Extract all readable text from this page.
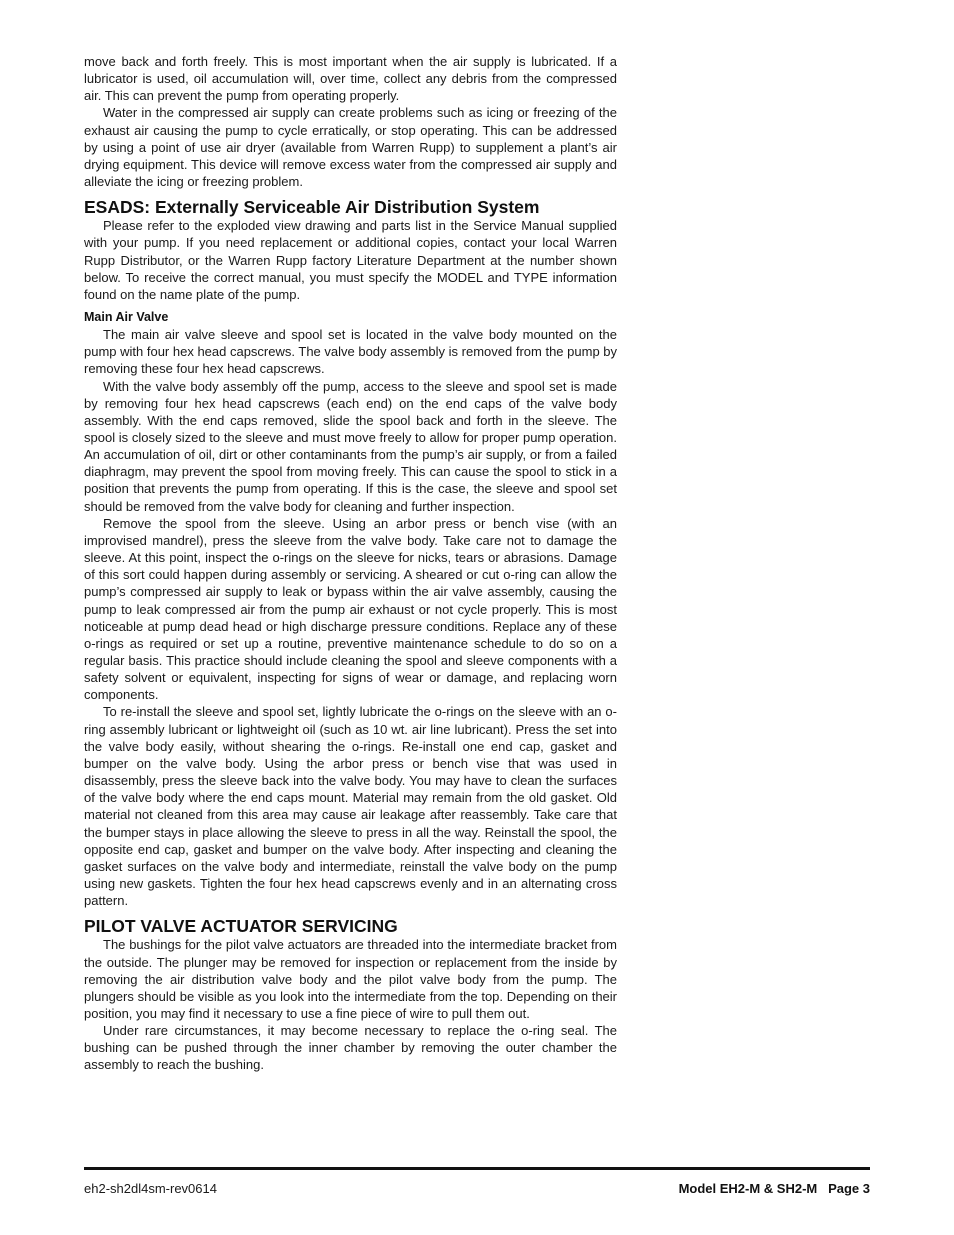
move back and forth freely. This is most important when the air supply is lubricated. If a lubricator is used, oil accumulation will, over time, collect any debris from the compressed air. This can prevent the pump from operating properly.

Water in the compressed air supply can create problems such as icing or freezing of the exhaust air causing the pump to cycle erratically, or stop operating. This can be addressed by using a point of use air dryer (available from Warren Rupp) to supplement a plant’s air drying equipment. This device will remove excess water from the compressed air supply and alleviate the icing or freezing problem.

ESADS: Externally Serviceable Air Distribution System

Please refer to the exploded view drawing and parts list in the Service Manual supplied with your pump. If you need replacement or additional copies, contact your local Warren Rupp Distributor, or the Warren Rupp factory Literature Department at the number shown below. To receive the correct manual, you must specify the MODEL and TYPE information found on the name plate of the pump.

Main Air Valve

The main air valve sleeve and spool set is located in the valve body mounted on the pump with four hex head capscrews. The valve body assembly is removed from the pump by removing these four hex head capscrews.

With the valve body assembly off the pump, access to the sleeve and spool set is made by removing four hex head capscrews (each end) on the end caps of the valve body assembly. With the end caps removed, slide the spool back and forth in the sleeve. The spool is closely sized to the sleeve and must move freely to allow for proper pump operation. An accumulation of oil, dirt or other contaminants from the pump’s air supply, or from a failed diaphragm, may prevent the spool from moving freely. This can cause the spool to stick in a position that prevents the pump from operating. If this is the case, the sleeve and spool set should be removed from the valve body for cleaning and further inspection.

Remove the spool from the sleeve. Using an arbor press or bench vise (with an improvised mandrel), press the sleeve from the valve body. Take care not to damage the sleeve. At this point, inspect the o-rings on the sleeve for nicks, tears or abrasions. Damage of this sort could happen during assembly or servicing. A sheared or cut o-ring can allow the pump’s compressed air supply to leak or bypass within the air valve assembly, causing the pump to leak compressed air from the pump air exhaust or not cycle properly. This is most noticeable at pump dead head or high discharge pressure conditions. Replace any of these o-rings as required or set up a routine, preventive maintenance schedule to do so on a regular basis. This practice should include cleaning the spool and sleeve components with a safety solvent or equivalent, inspecting for signs of wear or damage, and replacing worn components.

To re-install the sleeve and spool set, lightly lubricate the o-rings on the sleeve with an o-ring assembly lubricant or lightweight oil (such as 10 wt. air line lubricant). Press the set into the valve body easily, without shearing the o-rings. Re-install one end cap, gasket and bumper on the valve body. Using the arbor press or bench vise that was used in disassembly, press the sleeve back into the valve body. You may have to clean the surfaces of the valve body where the end caps mount. Material may remain from the old gasket. Old material not cleaned from this area may cause air leakage after reassembly. Take care that the bumper stays in place allowing the sleeve to press in all the way. Reinstall the spool, the opposite end cap, gasket and bumper on the valve body. After inspecting and cleaning the gasket surfaces on the valve body and intermediate, reinstall the valve body on the pump using new gaskets. Tighten the four hex head capscrews evenly and in an alternating cross pattern.

PILOT VALVE ACTUATOR SERVICING

The bushings for the pilot valve actuators are threaded into the intermediate bracket from the outside. The plunger may be removed for inspection or replacement from the inside by removing the air distribution valve body and the pilot valve body from the pump. The plungers should be visible as you look into the intermediate from the top. Depending on their position, you may find it necessary to use a fine piece of wire to pull them out.

Under rare circumstances, it may become necessary to replace the o-ring seal. The bushing can be pushed through the inner chamber by removing the outer chamber the assembly to reach the bushing.

eh2-sh2dl4sm-rev0614	Model EH2-M & SH2-M   Page 3
